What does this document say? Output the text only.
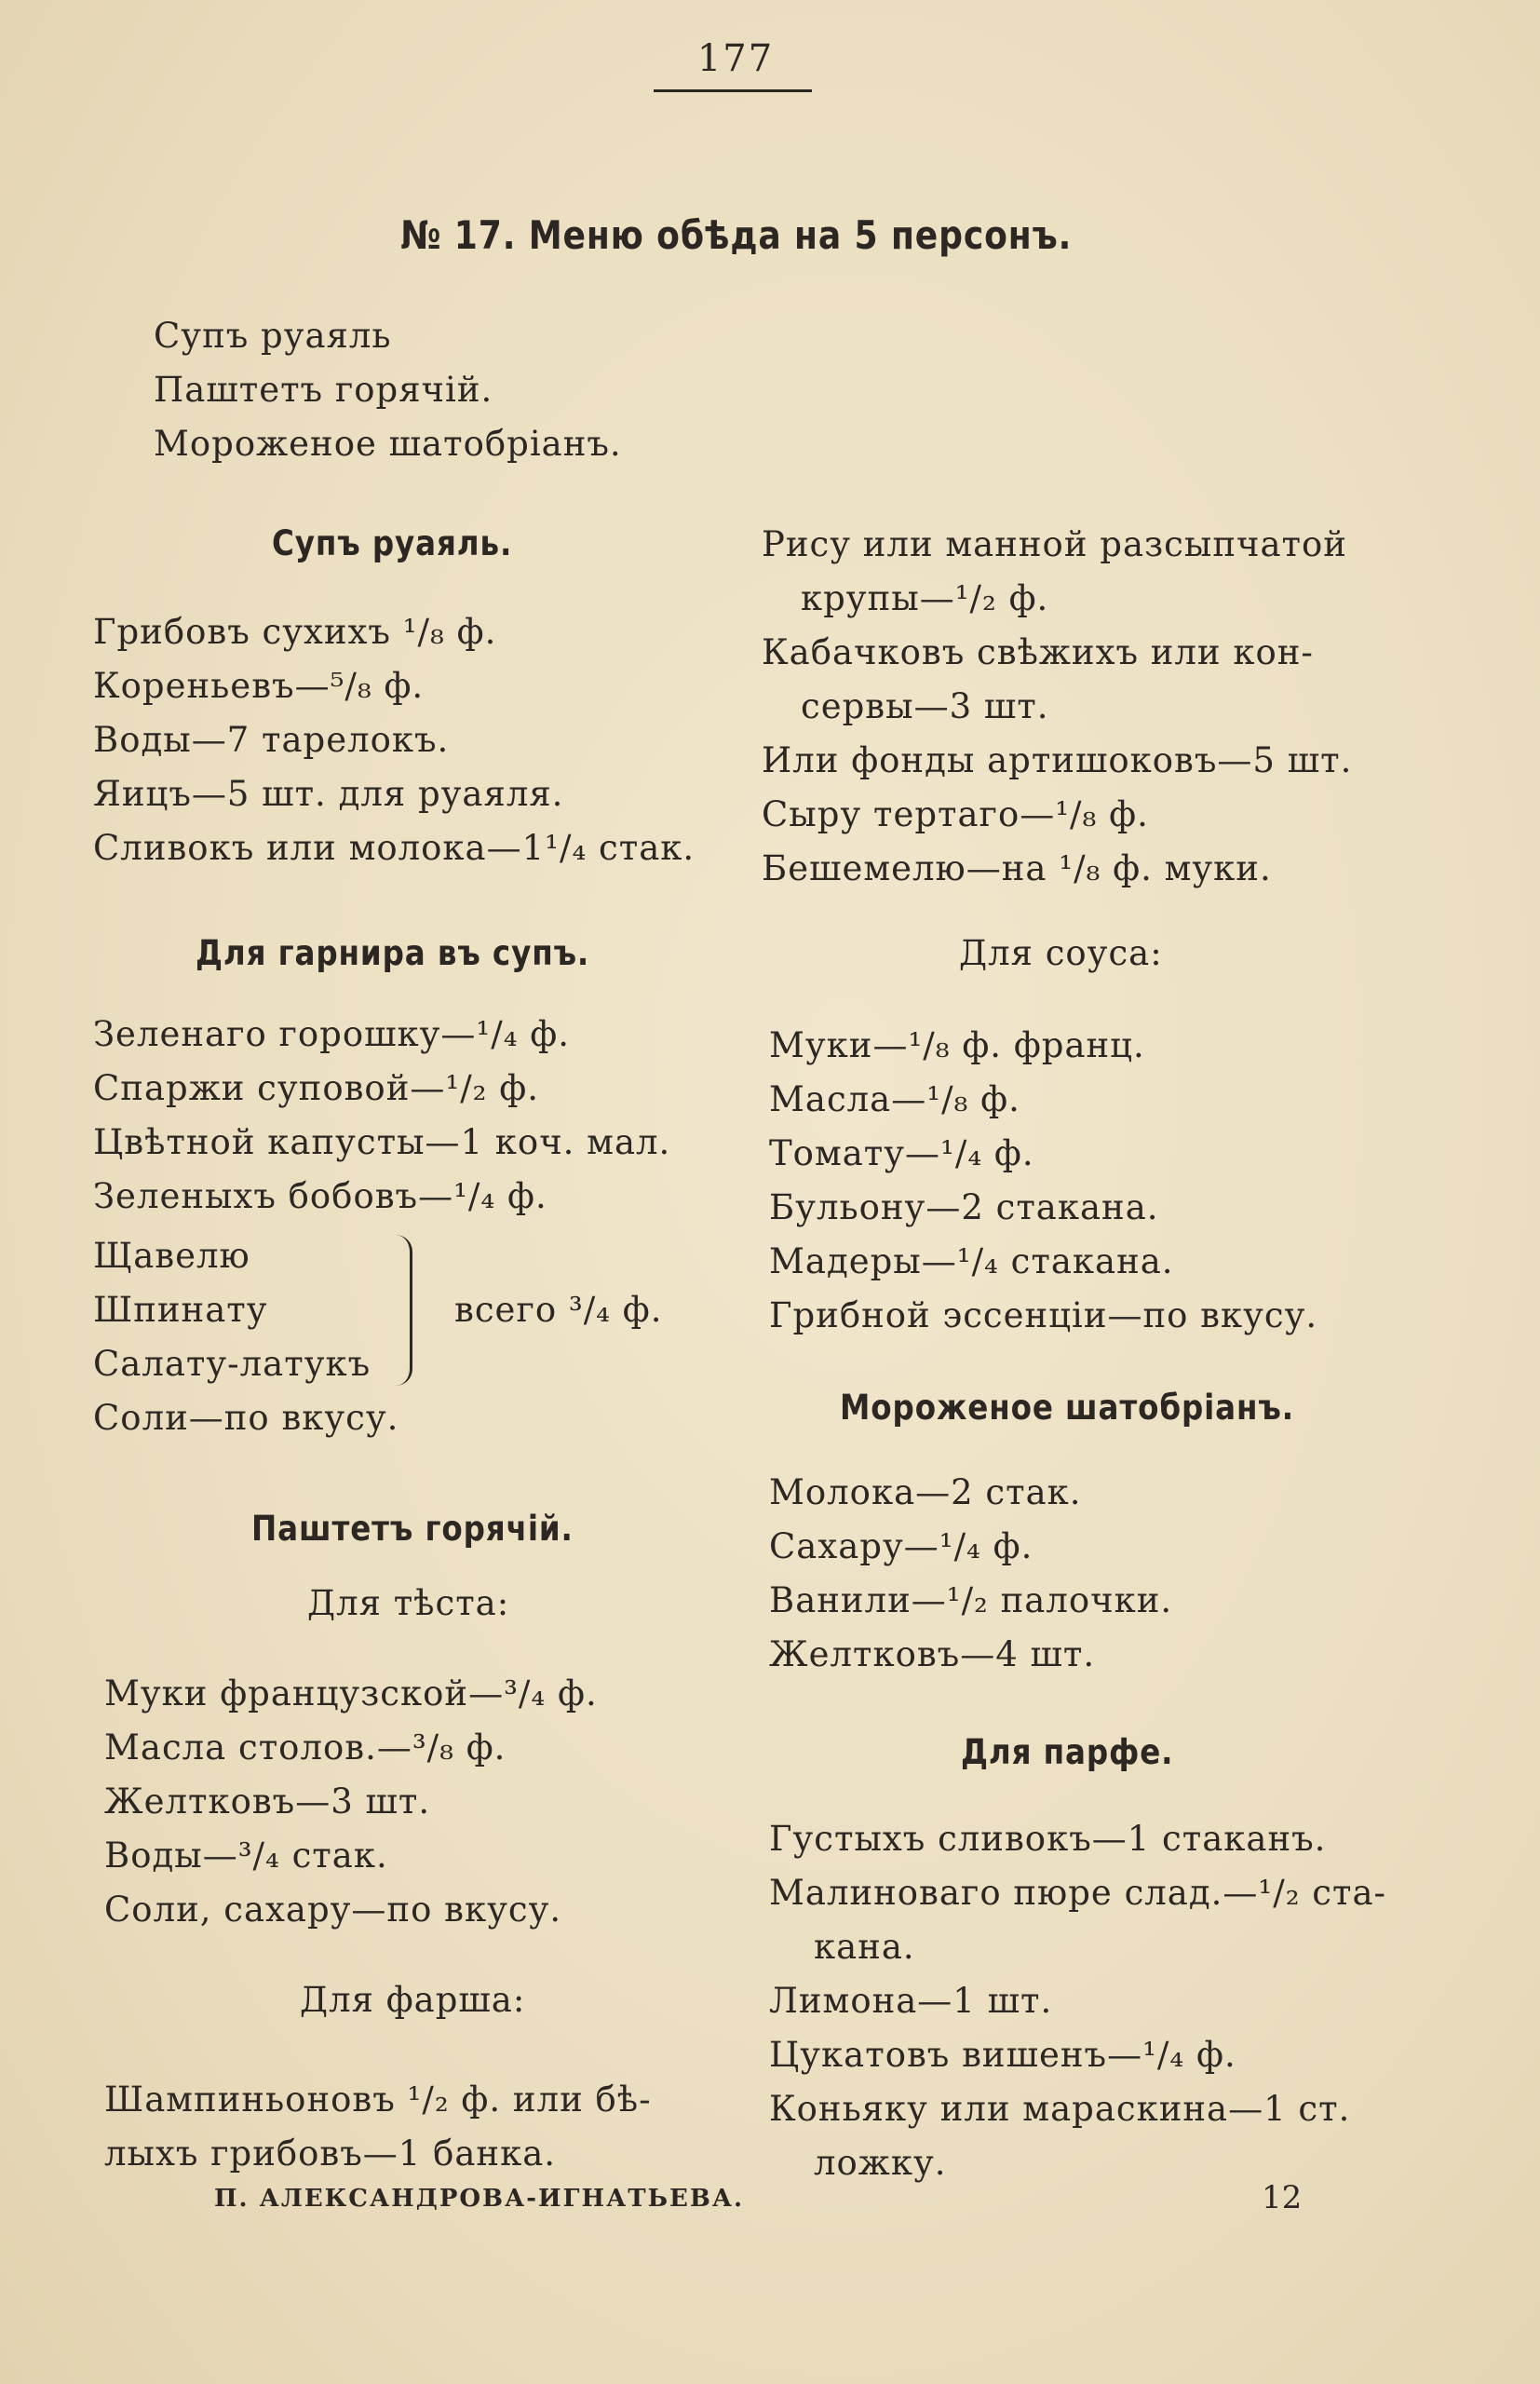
177
№ 17. Меню обѣда на 5 персонъ.
Супъ руаяль
Паштетъ горячій.
Мороженое шатобріанъ.
Супъ руаяль.
Грибовъ сухихъ ¹/₈ ф.
Кореньевъ—⁵/₈ ф.
Воды—7 тарелокъ.
Яицъ—5 шт. для руаяля.
Сливокъ или молока—1¹/₄ стак.
Для гарнира въ супъ.
Зеленаго горошку—¹/₄ ф.
Спаржи суповой—¹/₂ ф.
Цвѣтной капусты—1 коч. мал.
Зеленыхъ бобовъ—¹/₄ ф.
Щавелю
Шпинату
Салату-латукъ
всего ³/₄ ф.
Соли—по вкусу.
Паштетъ горячій.
Для тѣста:
Муки французской—³/₄ ф.
Масла столов.—³/₈ ф.
Желтковъ—3 шт.
Воды—³/₄ стак.
Соли, сахару—по вкусу.
Для фарша:
Шампиньоновъ ¹/₂ ф. или бѣ-
лыхъ грибовъ—1 банка.
Рису или манной разсыпчатой
крупы—¹/₂ ф.
Кабачковъ свѣжихъ или кон-
сервы—3 шт.
Или фонды артишоковъ—5 шт.
Сыру тертаго—¹/₈ ф.
Бешемелю—на ¹/₈ ф. муки.
Для соуса:
Муки—¹/₈ ф. франц.
Масла—¹/₈ ф.
Томату—¹/₄ ф.
Бульону—2 стакана.
Мадеры—¹/₄ стакана.
Грибной эссенціи—по вкусу.
Мороженое шатобріанъ.
Молока—2 стак.
Сахару—¹/₄ ф.
Ванили—¹/₂ палочки.
Желтковъ—4 шт.
Для парфе.
Густыхъ сливокъ—1 стаканъ.
Малиноваго пюре слад.—¹/₂ ста-
кана.
Лимона—1 шт.
Цукатовъ вишенъ—¹/₄ ф.
Коньяку или мараскина—1 ст.
ложку.
П. АЛЕКСАНДРОВА-ИГНАТЬЕВА.	12
